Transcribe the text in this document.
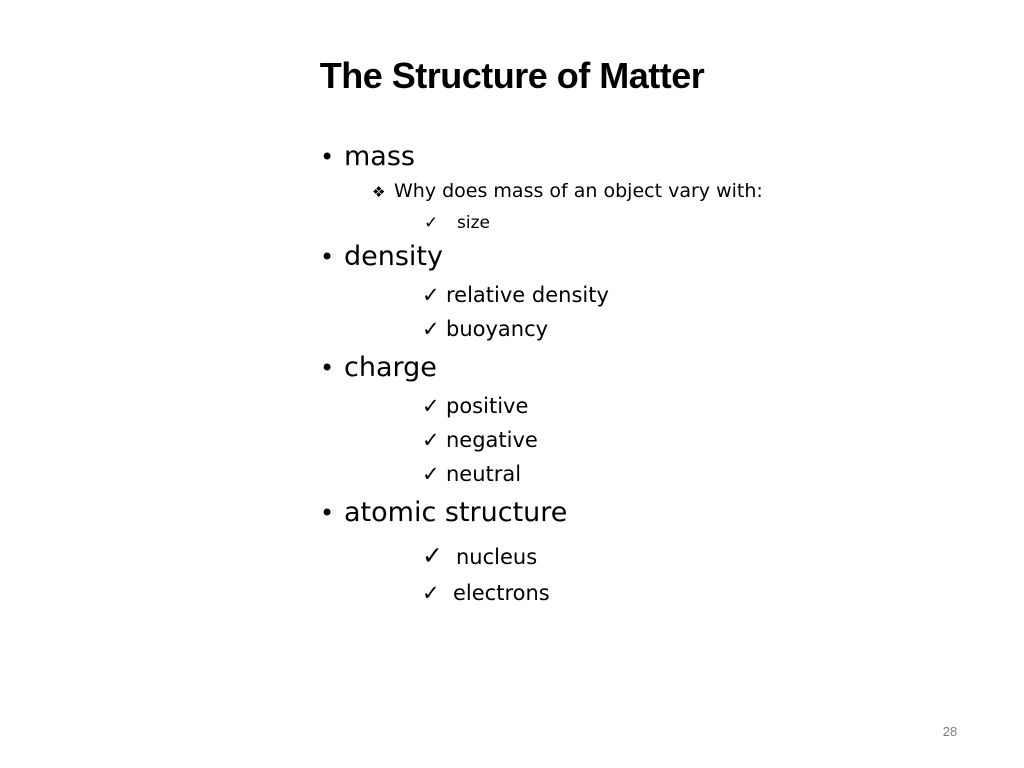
The Structure of Matter
• mass
❖ Why does mass of an object vary with:
✓ size
• density
✓ relative density
✓ buoyancy
• charge
✓ positive
✓ negative
✓ neutral
• atomic structure
✓ nucleus
✓ electrons
28
